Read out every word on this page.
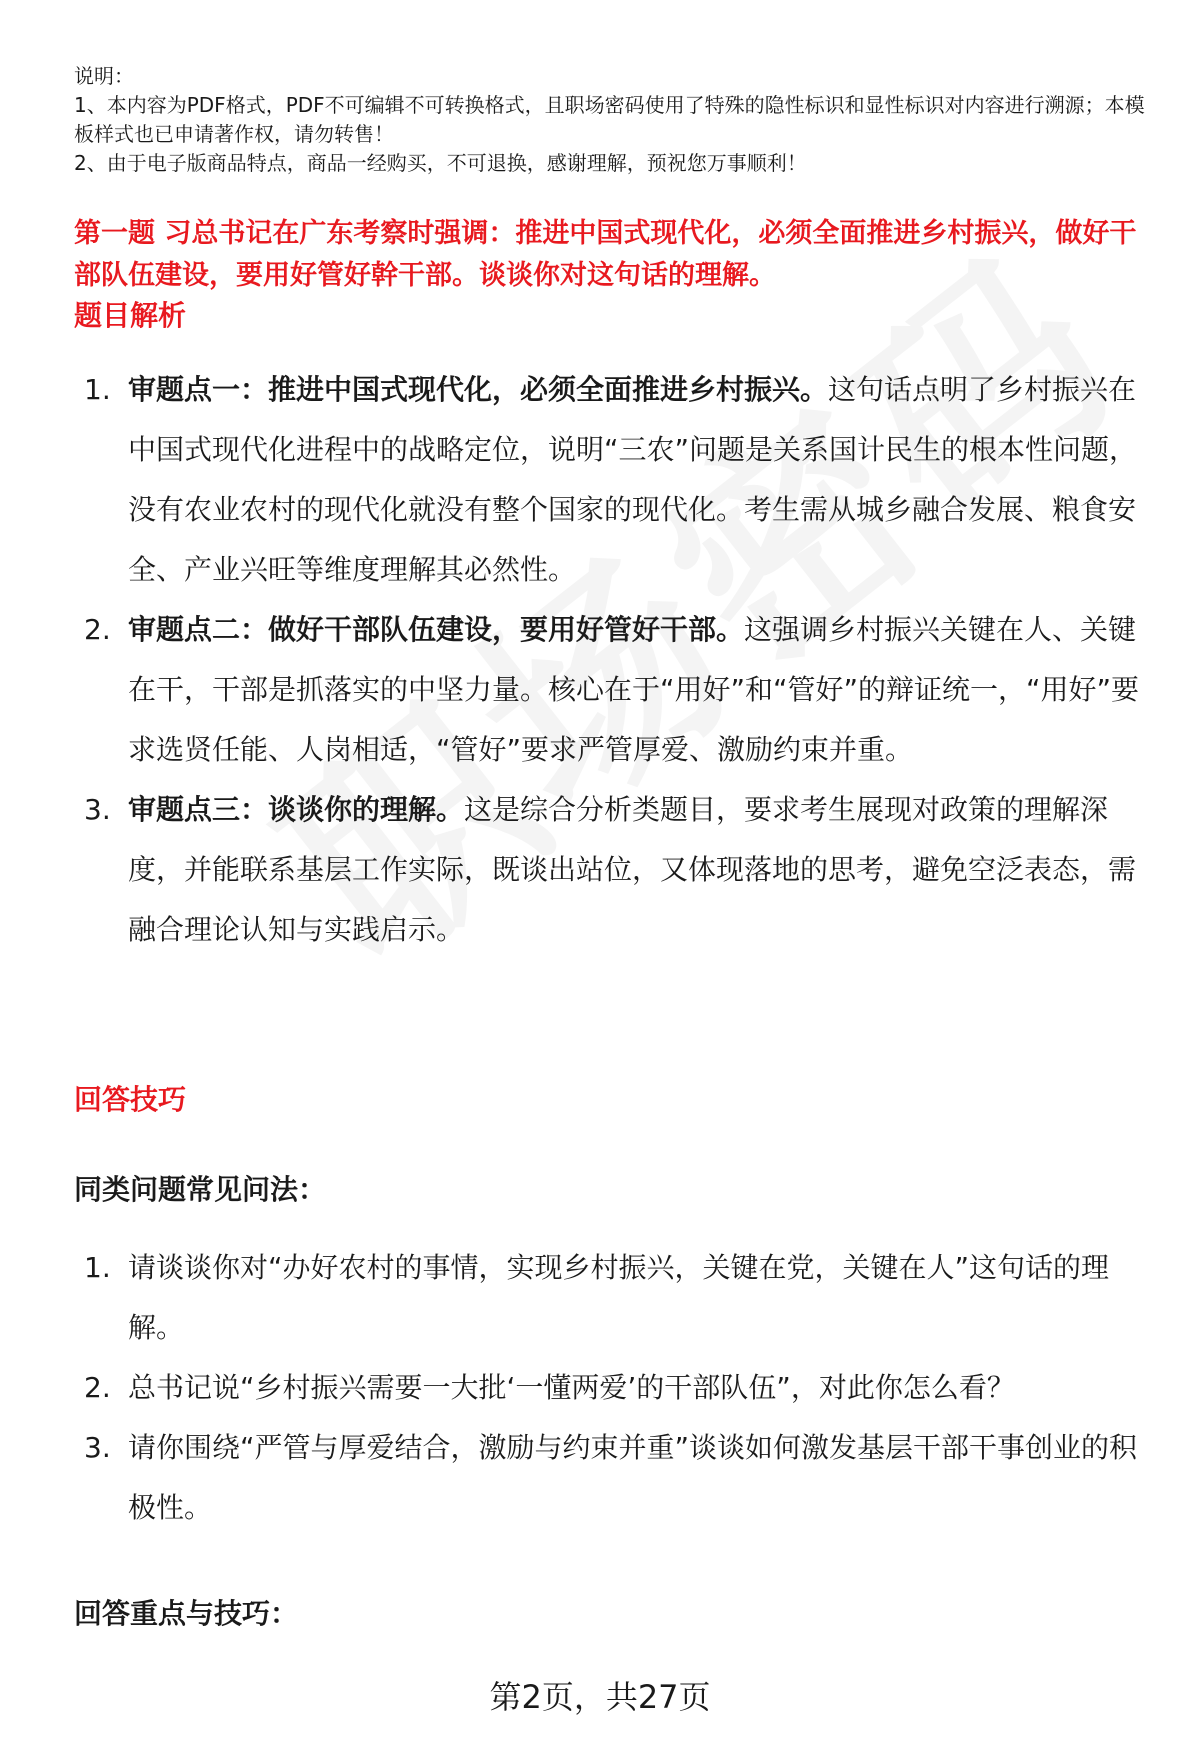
说明：
1、本内容为PDF格式，PDF不可编辑不可转换格式，且职场密码使用了特殊的隐性标识和显性标识对内容进行溯源；本模板样式也已申请著作权，请勿转售！
2、由于电子版商品特点，商品一经购买，不可退换，感谢理解，预祝您万事顺利！
第一题 习总书记在广东考察时强调：推进中国式现代化，必须全面推进乡村振兴，做好干部队伍建设，要用好管好幹干部。谈谈你对这句话的理解。
题目解析
1. 审题点一：推进中国式现代化，必须全面推进乡村振兴。这句话点明了乡村振兴在中国式现代化进程中的战略定位，说明“三农”问题是关系国计民生的根本性问题，没有农业农村的现代化就没有整个国家的现代化。考生需从城乡融合发展、粮食安全、产业兴旺等维度理解其必然性。
2. 审题点二：做好干部队伍建设，要用好管好干部。这强调乡村振兴关键在人、关键在干，干部是抓落实的中坚力量。核心在于“用好”和“管好”的辩证统一，“用好”要求选贤任能、人岗相适，“管好”要求严管厚爱、激励约束并重。
3. 审题点三：谈谈你的理解。这是综合分析类题目，要求考生展现对政策的理解深度，并能联系基层工作实际，既谈出站位，又体现落地的思考，避免空泛表态，需融合理论认知与实践启示。
回答技巧
同类问题常见问法：
1. 请谈谈你对“办好农村的事情，实现乡村振兴，关键在党，关键在人”这句话的理解。
2. 总书记说“乡村振兴需要一大批‘一懂两爱’的干部队伍”，对此你怎么看？
3. 请你围绕“严管与厚爱结合，激励与约束并重”谈谈如何激发基层干部干事创业的积极性。
回答重点与技巧：
第2页，共27页
